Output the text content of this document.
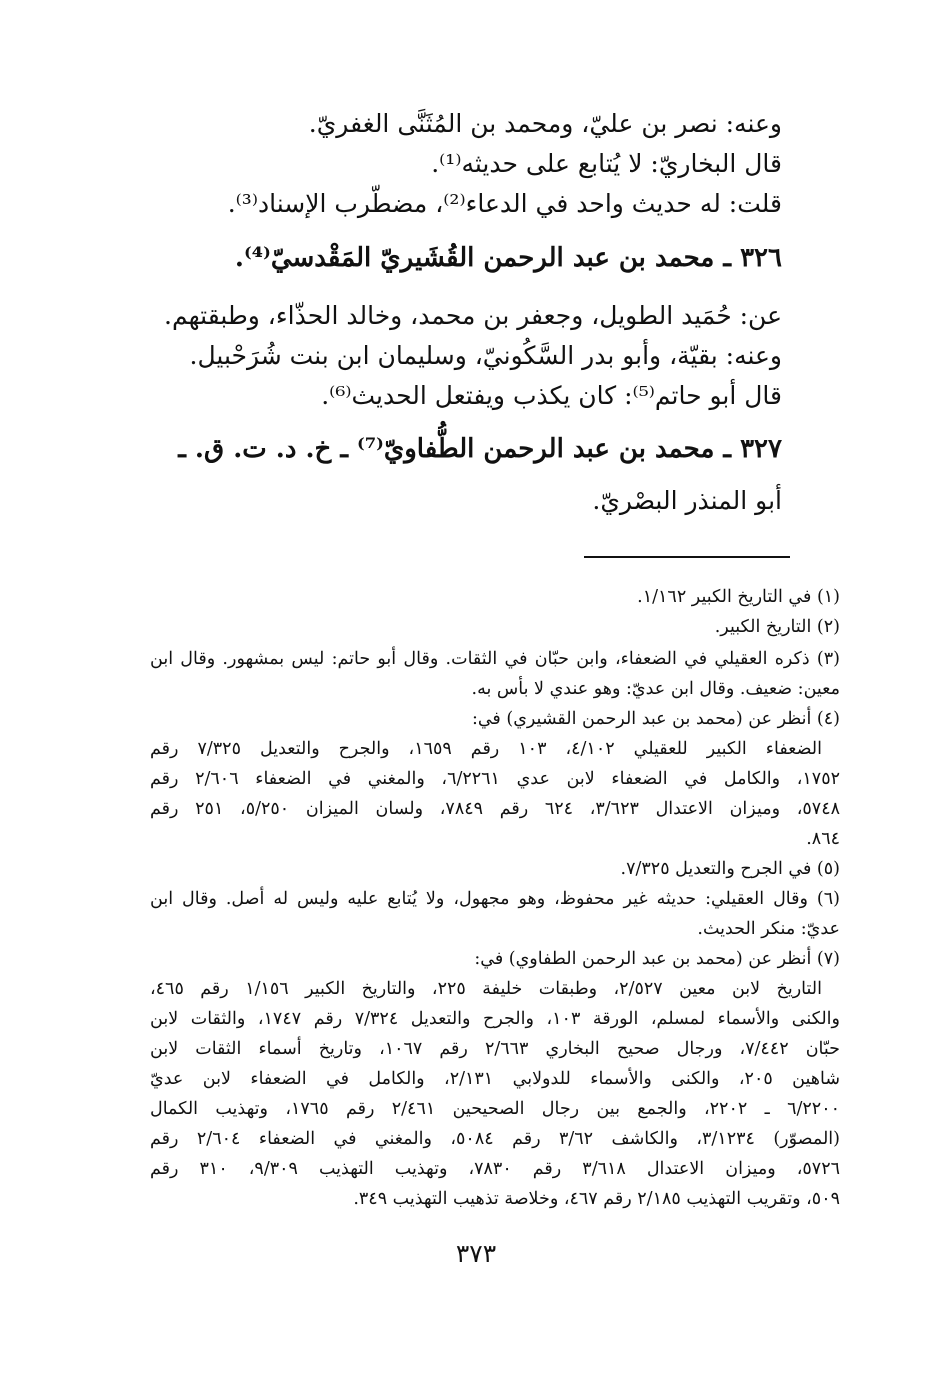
وعنه: نصر بن عليّ، ومحمد بن المُثَنَّى الغفريّ.

قال البخاريّ: لا يُتابع على حديثه⁽¹⁾.

قلت: له حديث واحد في الدعاء⁽²⁾، مضطّرب الإسناد⁽³⁾.

٣٢٦ ـ محمد بن عبد الرحمن القُشَيريّ المَقْدسيّ⁽⁴⁾.

عن: حُمَيد الطويل، وجعفر بن محمد، وخالد الحذّاء، وطبقتهم.

وعنه: بقيّة، وأبو بدر السَّكُونيّ، وسليمان ابن بنت شُرَحْبيل.

قال أبو حاتم⁽⁵⁾: كان يكذب ويفتعل الحديث⁽⁶⁾.

٣٢٧ ـ محمد بن عبد الرحمن الطُّفاويّ⁽⁷⁾ ـ خ. د. ت. ق. ـ

أبو المنذر البصْريّ.

(١) في التاريخ الكبير ١/١٦٢.

(٢) التاريخ الكبير.

(٣) ذكره العقيلي في الضعفاء، وابن حبّان في الثقات. وقال أبو حاتم: ليس بمشهور. وقال ابن

معين: ضعيف. وقال ابن عديّ: وهو عندي لا بأس به.

(٤) أنظر عن (محمد بن عبد الرحمن القشيري) في:

الضعفاء الكبير للعقيلي ٤/١٠٢، ١٠٣ رقم ١٦٥٩، والجرح والتعديل ٧/٣٢٥ رقم

١٧٥٢، والكامل في الضعفاء لابن عدي ٦/٢٢٦١، والمغني في الضعفاء ٢/٦٠٦ رقم

٥٧٤٨، وميزان الاعتدال ٣/٦٢٣، ٦٢٤ رقم ٧٨٤٩، ولسان الميزان ٥/٢٥٠، ٢٥١ رقم

٨٦٤.

(٥) في الجرح والتعديل ٧/٣٢٥.

(٦) وقال العقيلي: حديثه غير محفوظ، وهو مجهول، ولا يُتابع عليه وليس له أصل. وقال ابن

عديّ: منكر الحديث.

(٧) أنظر عن (محمد بن عبد الرحمن الطفاوي) في:

التاريخ لابن معين ٢/٥٢٧، وطبقات خليفة ٢٢٥، والتاريخ الكبير ١/١٥٦ رقم ٤٦٥،

والكنى والأسماء لمسلم، الورقة ١٠٣، والجرح والتعديل ٧/٣٢٤ رقم ١٧٤٧، والثقات لابن

حبّان ٧/٤٤٢، ورجال صحيح البخاري ٢/٦٦٣ رقم ١٠٦٧، وتاريخ أسماء الثقات لابن

شاهين ٢٠٥، والكنى والأسماء للدولابي ٢/١٣١، والكامل في الضعفاء لابن عديّ

٦/٢٢٠٠ ـ ٢٢٠٢، والجمع بين رجال الصحيحين ٢/٤٦١ رقم ١٧٦٥، وتهذيب الكمال

(المصوّر) ٣/١٢٣٤، والكاشف ٣/٦٢ رقم ٥٠٨٤، والمغني في الضعفاء ٢/٦٠٤ رقم

٥٧٢٦، وميزان الاعتدال ٣/٦١٨ رقم ٧٨٣٠، وتهذيب التهذيب ٩/٣٠٩، ٣١٠ رقم

٥٠٩، وتقريب التهذيب ٢/١٨٥ رقم ٤٦٧، وخلاصة تذهيب التهذيب ٣٤٩.

٣٧٣
